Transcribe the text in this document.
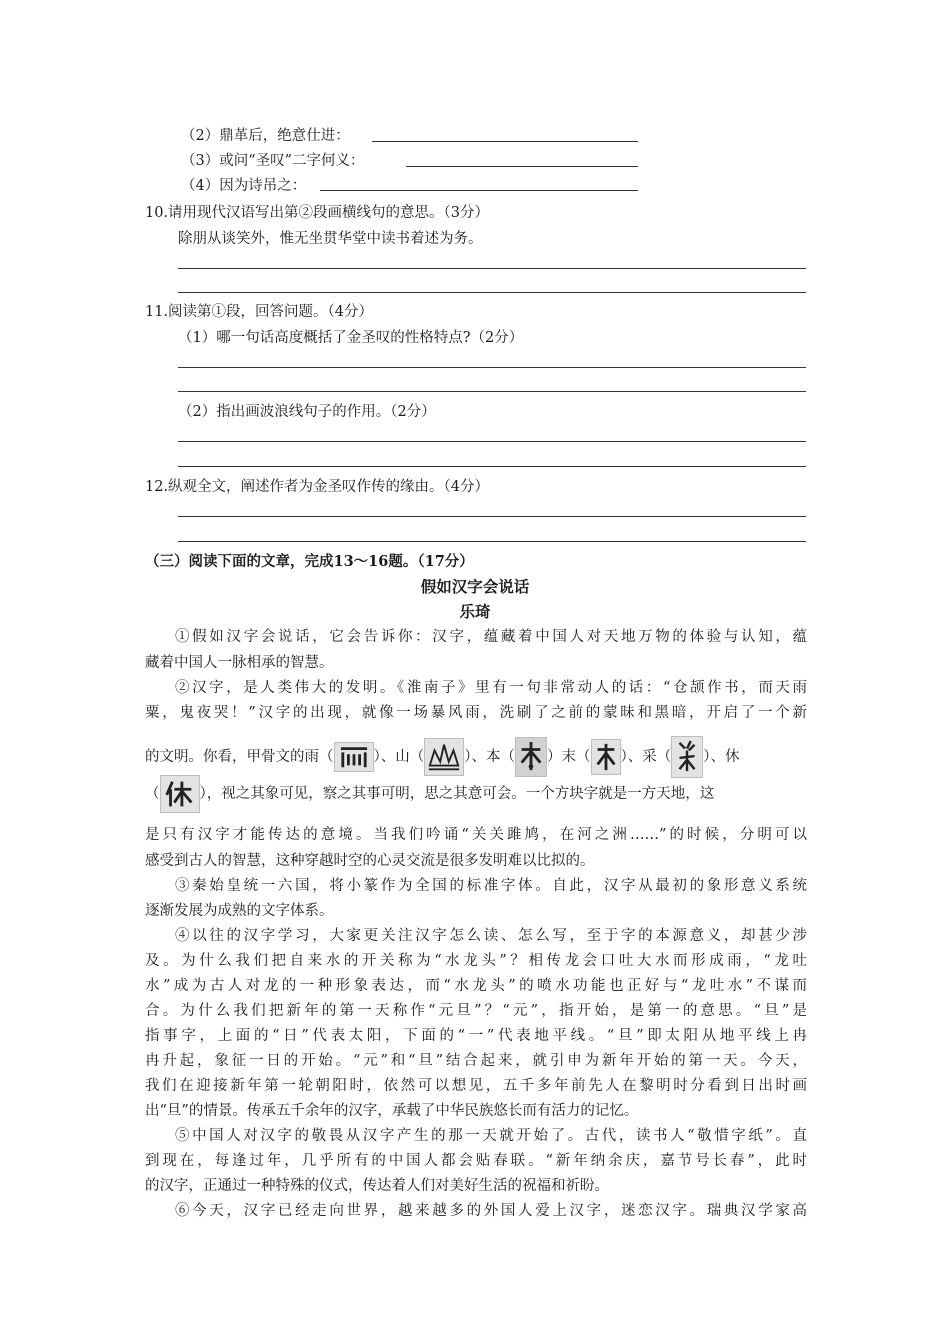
（2）鼎革后，绝意仕进：
（3）或问“圣叹”二字何义：
（4）因为诗吊之：
10.请用现代汉语写出第②段画横线句的意思。（3分）
除朋从谈笑外，惟无坐贯华堂中读书着述为务。
11.阅读第①段，回答问题。（4分）
（1）哪一句话高度概括了金圣叹的性格特点?（2分）
（2）指出画波浪线句子的作用。（2分）
12.纵观全文，阐述作者为金圣叹作传的缘由。（4分）
（三）阅读下面的文章，完成13～16题。（17分）
假如汉字会说话
乐琦
①假如汉字会说话，它会告诉你：汉字，蕴藏着中国人对天地万物的体验与认知，蕴
藏着中国人一脉相承的智慧。
②汉字，是人类伟大的发明。《淮南子》里有一句非常动人的话：“仓颉作书，而天雨
粟，鬼夜哭！”汉字的出现，就像一场暴风雨，洗刷了之前的蒙昧和黑暗，开启了一个新
的文明。你看，甲骨文的雨（	）、山（	）、本（ ）末（ ）、采（ ）、休
（	），视之其象可见，察之其事可明，思之其意可会。一个方块字就是一方天地，这
是只有汉字才能传达的意境。当我们吟诵“关关雎鸠，在河之洲……”的时候，分明可以
感受到古人的智慧，这种穿越时空的心灵交流是很多发明难以比拟的。
③秦始皇统一六国，将小篆作为全国的标准字体。自此，汉字从最初的象形意义系统
逐渐发展为成熟的文字体系。
④以往的汉字学习，大家更关注汉字怎么读、怎么写，至于字的本源意义，却甚少涉
及。为什么我们把自来水的开关称为“水龙头”？相传龙会口吐大水而形成雨，“龙吐
水”成为古人对龙的一种形象表达，而“水龙头”的喷水功能也正好与“龙吐水”不谋而
合。为什么我们把新年的第一天称作“元旦”？“元”，指开始，是第一的意思。“旦”是
指事字，上面的“日”代表太阳，下面的“一”代表地平线。“旦”即太阳从地平线上冉
冉升起，象征一日的开始。“元”和“旦”结合起来，就引申为新年开始的第一天。今天，
我们在迎接新年第一轮朝阳时，依然可以想见，五千多年前先人在黎明时分看到日出时画
出“旦”的情景。传承五千余年的汉字，承载了中华民族悠长而有活力的记忆。
⑤中国人对汉字的敬畏从汉字产生的那一天就开始了。古代，读书人“敬惜字纸”。直
到现在，每逢过年，几乎所有的中国人都会贴春联。“新年纳余庆，嘉节号长春”，此时
的汉字，正通过一种特殊的仪式，传达着人们对美好生活的祝福和祈盼。
⑥今天，汉字已经走向世界，越来越多的外国人爱上汉字，迷恋汉字。瑞典汉学家高
